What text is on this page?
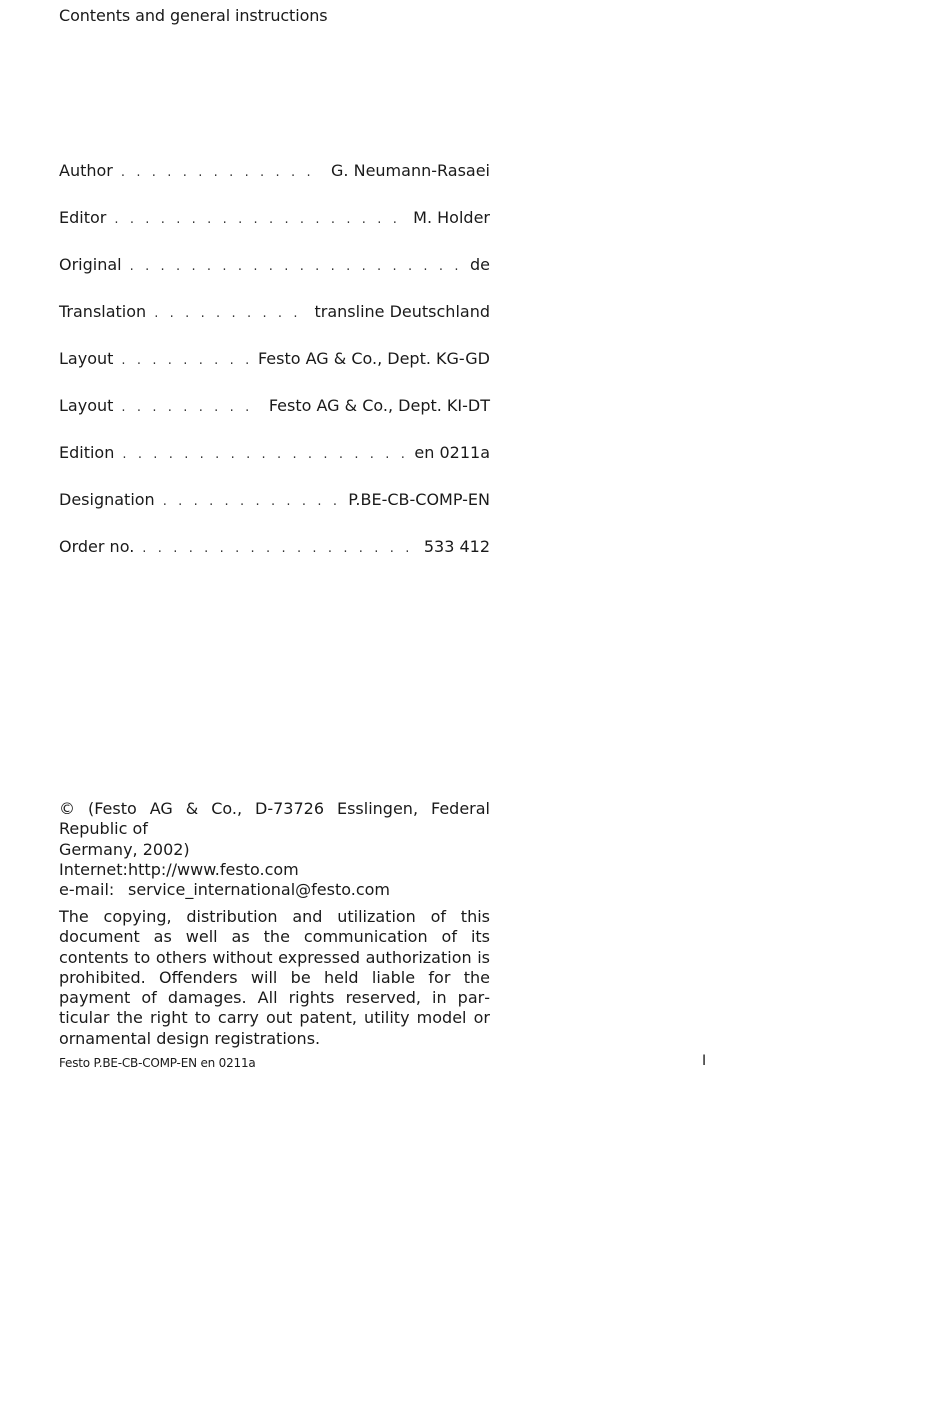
Contents and general instructions
Author . . .	G. Neumann-Rasaei
Editor . . .	M. Holder
Original . . .	de
Translation . . .	transline Deutschland
Layout . . .	Festo AG & Co., Dept. KG-GD
Layout . . .	Festo AG & Co., Dept. KI-DT
Edition . . .	en 0211a
Designation . . .	P.BE-CB-COMP-EN
Order no. . . .	533 412
© (Festo AG & Co., D-73726 Esslingen, Federal Republic of
Germany, 2002)
Internet: http://www.festo.com
e-mail: service_international@festo.com
The copying, distribution and utilization of this document as well as the communication of its contents to others without expressed authorization is prohibited. Offenders will be held liable for the payment of damages. All rights reserved, in particular the right to carry out patent, utility model or ornamental design registrations.
Festo P.BE-CB-COMP-EN en 0211a	I
